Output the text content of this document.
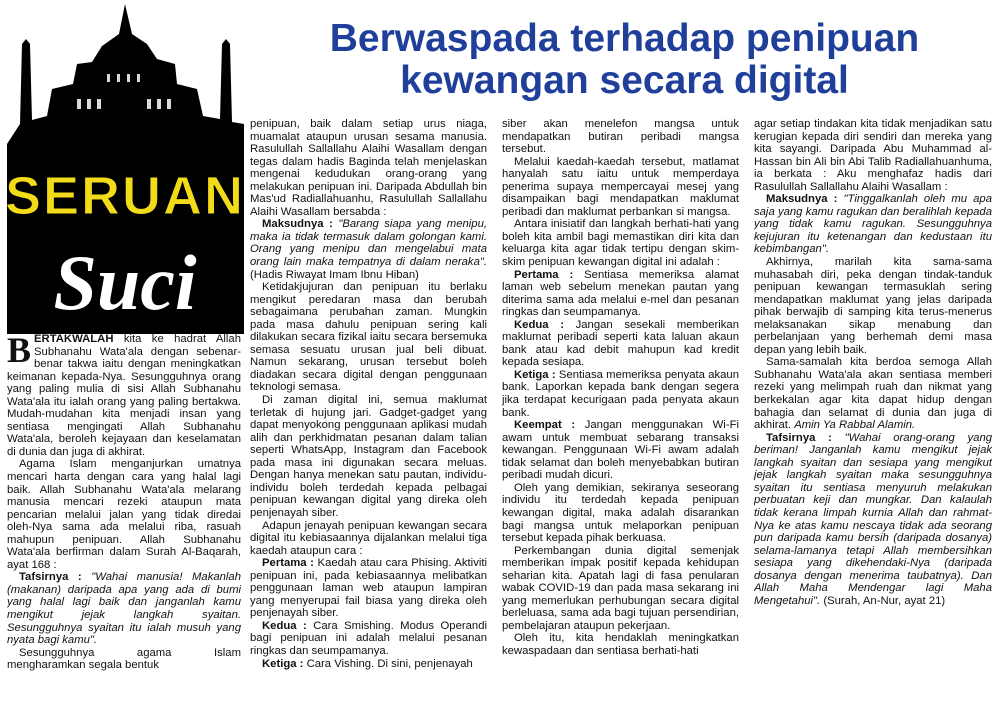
SERUAN
Suci
Berwaspada terhadap penipuan
kewangan secara digital

BERTAKWALAH kita ke hadrat Allah Subhanahu Wata'ala dengan sebenar-benar takwa iaitu dengan meningkatkan keimanan kepada-Nya. Sesungguhnya orang yang paling mulia di sisi Allah Subhanahu Wata'ala itu ialah orang yang paling bertakwa. Mudah-mudahan kita menjadi insan yang sentiasa mengingati Allah Subhanahu Wata'ala, beroleh kejayaan dan keselamatan di dunia dan juga di akhirat.

Agama Islam menganjurkan umatnya mencari harta dengan cara yang halal lagi baik. Allah Subhanahu Wata'ala melarang manusia mencari rezeki ataupun mata pencarian melalui jalan yang tidak diredai oleh-Nya sama ada melalui riba, rasuah mahupun penipuan. Allah Subhanahu Wata'ala berfirman dalam Surah Al-Baqarah, ayat 168 :

Tafsirnya : "Wahai manusia! Makanlah (makanan) daripada apa yang ada di bumi yang halal lagi baik dan janganlah kamu mengikut jejak langkah syaitan. Sesungguhnya syaitan itu ialah musuh yang nyata bagi kamu".

Sesungguhnya agama Islam mengharamkan segala bentuk

penipuan, baik dalam setiap urus niaga, muamalat ataupun urusan sesama manusia. Rasulullah Sallallahu Alaihi Wasallam dengan tegas dalam hadis Baginda telah menjelaskan mengenai kedudukan orang-orang yang melakukan penipuan ini. Daripada Abdullah bin Mas'ud Radiallahuanhu, Rasulullah Sallallahu Alaihi Wasallam bersabda :

Maksudnya : "Barang siapa yang menipu, maka ia tidak termasuk dalam golongan kami. Orang yang menipu dan mengelabui mata orang lain maka tempatnya di dalam neraka". (Hadis Riwayat Imam Ibnu Hiban)

Ketidakjujuran dan penipuan itu berlaku mengikut peredaran masa dan berubah sebagaimana perubahan zaman. Mungkin pada masa dahulu penipuan sering kali dilakukan secara fizikal iaitu secara bersemuka semasa sesuatu urusan jual beli dibuat. Namun sekarang, urusan tersebut boleh diadakan secara digital dengan penggunaan teknologi semasa.

Di zaman digital ini, semua maklumat terletak di hujung jari. Gadget-gadget yang dapat menyokong penggunaan aplikasi mudah alih dan perkhidmatan pesanan dalam talian seperti WhatsApp, Instagram dan Facebook pada masa ini digunakan secara meluas. Dengan hanya menekan satu pautan, individu-individu boleh terdedah kepada pelbagai penipuan kewangan digital yang direka oleh penjenayah siber.

Adapun jenayah penipuan kewangan secara digital itu kebiasaannya dijalankan melalui tiga kaedah ataupun cara :

Pertama : Kaedah atau cara Phising. Aktiviti penipuan ini, pada kebiasaannya melibatkan penggunaan laman web ataupun lampiran yang menyerupai fail biasa yang direka oleh penjenayah siber.

Kedua : Cara Smishing. Modus Operandi bagi penipuan ini adalah melalui pesanan ringkas dan seumpamanya.

Ketiga : Cara Vishing. Di sini, penjenayah

siber akan menelefon mangsa untuk mendapatkan butiran peribadi mangsa tersebut.

Melalui kaedah-kaedah tersebut, matlamat hanyalah satu iaitu untuk memperdaya penerima supaya mempercayai mesej yang disampaikan bagi mendapatkan maklumat peribadi dan maklumat perbankan si mangsa.

Antara inisiatif dan langkah berhati-hati yang boleh kita ambil bagi memastikan diri kita dan keluarga kita agar tidak tertipu dengan skim-skim penipuan kewangan digital ini adalah :

Pertama : Sentiasa memeriksa alamat laman web sebelum menekan pautan yang diterima sama ada melalui e-mel dan pesanan ringkas dan seumpamanya.

Kedua : Jangan sesekali memberikan maklumat peribadi seperti kata laluan akaun bank atau kad debit mahupun kad kredit kepada sesiapa.

Ketiga : Sentiasa memeriksa penyata akaun bank. Laporkan kepada bank dengan segera jika terdapat kecurigaan pada penyata akaun bank.

Keempat : Jangan menggunakan Wi-Fi awam untuk membuat sebarang transaksi kewangan. Penggunaan Wi-Fi awam adalah tidak selamat dan boleh menyebabkan butiran peribadi mudah dicuri.

Oleh yang demikian, sekiranya seseorang individu itu terdedah kepada penipuan kewangan digital, maka adalah disarankan bagi mangsa untuk melaporkan penipuan tersebut kepada pihak berkuasa.

Perkembangan dunia digital semenjak memberikan impak positif kepada kehidupan seharian kita. Apatah lagi di fasa penularan wabak COVID-19 dan pada masa sekarang ini yang memerlukan perhubungan secara digital berleluasa, sama ada bagi tujuan persendirian, pembelajaran ataupun pekerjaan.

Oleh itu, kita hendaklah meningkatkan kewaspadaan dan sentiasa berhati-hati

agar setiap tindakan kita tidak menjadikan satu kerugian kepada diri sendiri dan mereka yang kita sayangi. Daripada Abu Muhammad al-Hassan bin Ali bin Abi Talib Radiallahuanhuma, ia berkata : Aku menghafaz hadis dari Rasulullah Sallallahu Alaihi Wasallam :

Maksudnya : "Tinggalkanlah oleh mu apa saja yang kamu ragukan dan beralihlah kepada yang tidak kamu ragukan. Sesungguhnya kejujuran itu ketenangan dan kedustaan itu kebimbangan".

Akhirnya, marilah kita sama-sama muhasabah diri, peka dengan tindak-tanduk penipuan kewangan termasuklah sering mendapatkan maklumat yang jelas daripada pihak berwajib di samping kita terus-menerus melaksanakan sikap menabung dan perbelanjaan yang berhemah demi masa depan yang lebih baik.

Sama-samalah kita berdoa semoga Allah Subhanahu Wata'ala akan sentiasa memberi rezeki yang melimpah ruah dan nikmat yang berkekalan agar kita dapat hidup dengan bahagia dan selamat di dunia dan juga di akhirat. Amin Ya Rabbal Alamin.

Tafsirnya : "Wahai orang-orang yang beriman! Janganlah kamu mengikut jejak langkah syaitan dan sesiapa yang mengikut jejak langkah syaitan maka sesungguhnya syaitan itu sentiasa menyuruh melakukan perbuatan keji dan mungkar. Dan kalaulah tidak kerana limpah kurnia Allah dan rahmat-Nya ke atas kamu nescaya tidak ada seorang pun daripada kamu bersih (daripada dosanya) selama-lamanya tetapi Allah membersihkan sesiapa yang dikehendaki-Nya (daripada dosanya dengan menerima taubatnya). Dan Allah Maha Mendengar lagi Maha Mengetahui". (Surah, An-Nur, ayat 21)
